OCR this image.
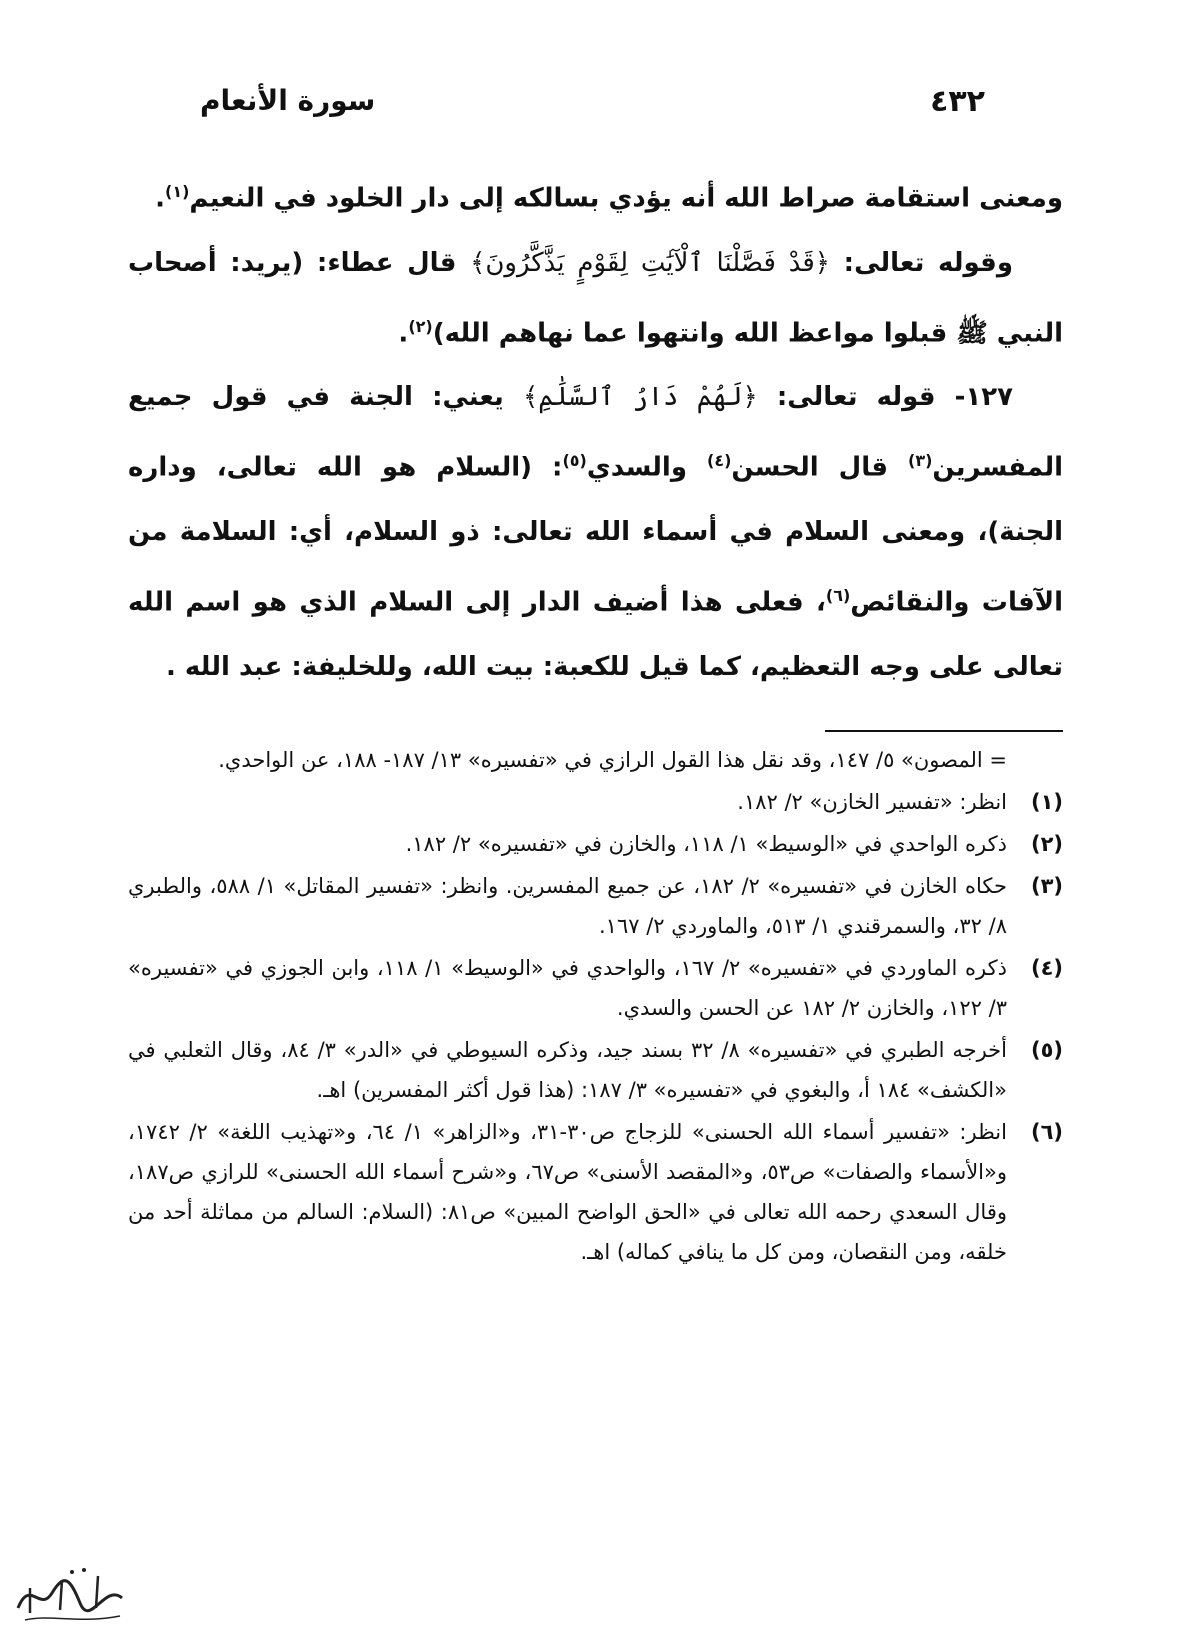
٤٣٢
سورة الأنعام

ومعنى استقامة صراط الله أنه يؤدي بسالكه إلى دار الخلود في النعيم$^{(١)}$.

وقوله تعالى: ﴿قَدْ فَصَّلْنَا ٱلْآيَٰتِ لِقَوْمٍ يَذَّكَّرُونَ﴾ قال عطاء: (يريد: أصحاب النبي ﷺ قبلوا مواعظ الله وانتهوا عما نهاهم الله)$^{(٢)}$.

١٢٧- قوله تعالى: ﴿لَهُمْ دَارُ ٱلسَّلَٰمِ﴾ يعني: الجنة في قول جميع المفسرين$^{(٣)}$ قال الحسن$^{(٤)}$ والسدي$^{(٥)}$: (السلام هو الله تعالى، وداره الجنة)، ومعنى السلام في أسماء الله تعالى: ذو السلام، أي: السلامة من الآفات والنقائص$^{(٦)}$، فعلى هذا أضيف الدار إلى السلام الذي هو اسم الله تعالى على وجه التعظيم، كما قيل للكعبة: بيت الله، وللخليفة: عبد الله .

= المصون» ٥/ ١٤٧، وقد نقل هذا القول الرازي في «تفسيره» ١٣/ ١٨٧- ١٨٨، عن الواحدي.

(١)
انظر: «تفسير الخازن» ٢/ ١٨٢.
(٢)
ذكره الواحدي في «الوسيط» ١/ ١١٨، والخازن في «تفسيره» ٢/ ١٨٢.
(٣)
حكاه الخازن في «تفسيره» ٢/ ١٨٢، عن جميع المفسرين. وانظر: «تفسير المقاتل» ١/ ٥٨٨، والطبري ٨/ ٣٢، والسمرقندي ١/ ٥١٣، والماوردي ٢/ ١٦٧.
(٤)
ذكره الماوردي في «تفسيره» ٢/ ١٦٧، والواحدي في «الوسيط» ١/ ١١٨، وابن الجوزي في «تفسيره» ٣/ ١٢٢، والخازن ٢/ ١٨٢ عن الحسن والسدي.
(٥)
أخرجه الطبري في «تفسيره» ٨/ ٣٢ بسند جيد، وذكره السيوطي في «الدر» ٣/ ٨٤، وقال الثعلبي في «الكشف» ١٨٤ أ، والبغوي في «تفسيره» ٣/ ١٨٧: (هذا قول أكثر المفسرين) اهـ.
(٦)
انظر: «تفسير أسماء الله الحسنى» للزجاج ص٣٠-٣١، و«الزاهر» ١/ ٦٤، و«تهذيب اللغة» ٢/ ١٧٤٢، و«الأسماء والصفات» ص٥٣، و«المقصد الأسنى» ص٦٧، و«شرح أسماء الله الحسنى» للرازي ص١٨٧، وقال السعدي رحمه الله تعالى في «الحق الواضح المبين» ص٨١: (السلام: السالم من مماثلة أحد من خلقه، ومن النقصان، ومن كل ما ينافي كماله) اهـ.
